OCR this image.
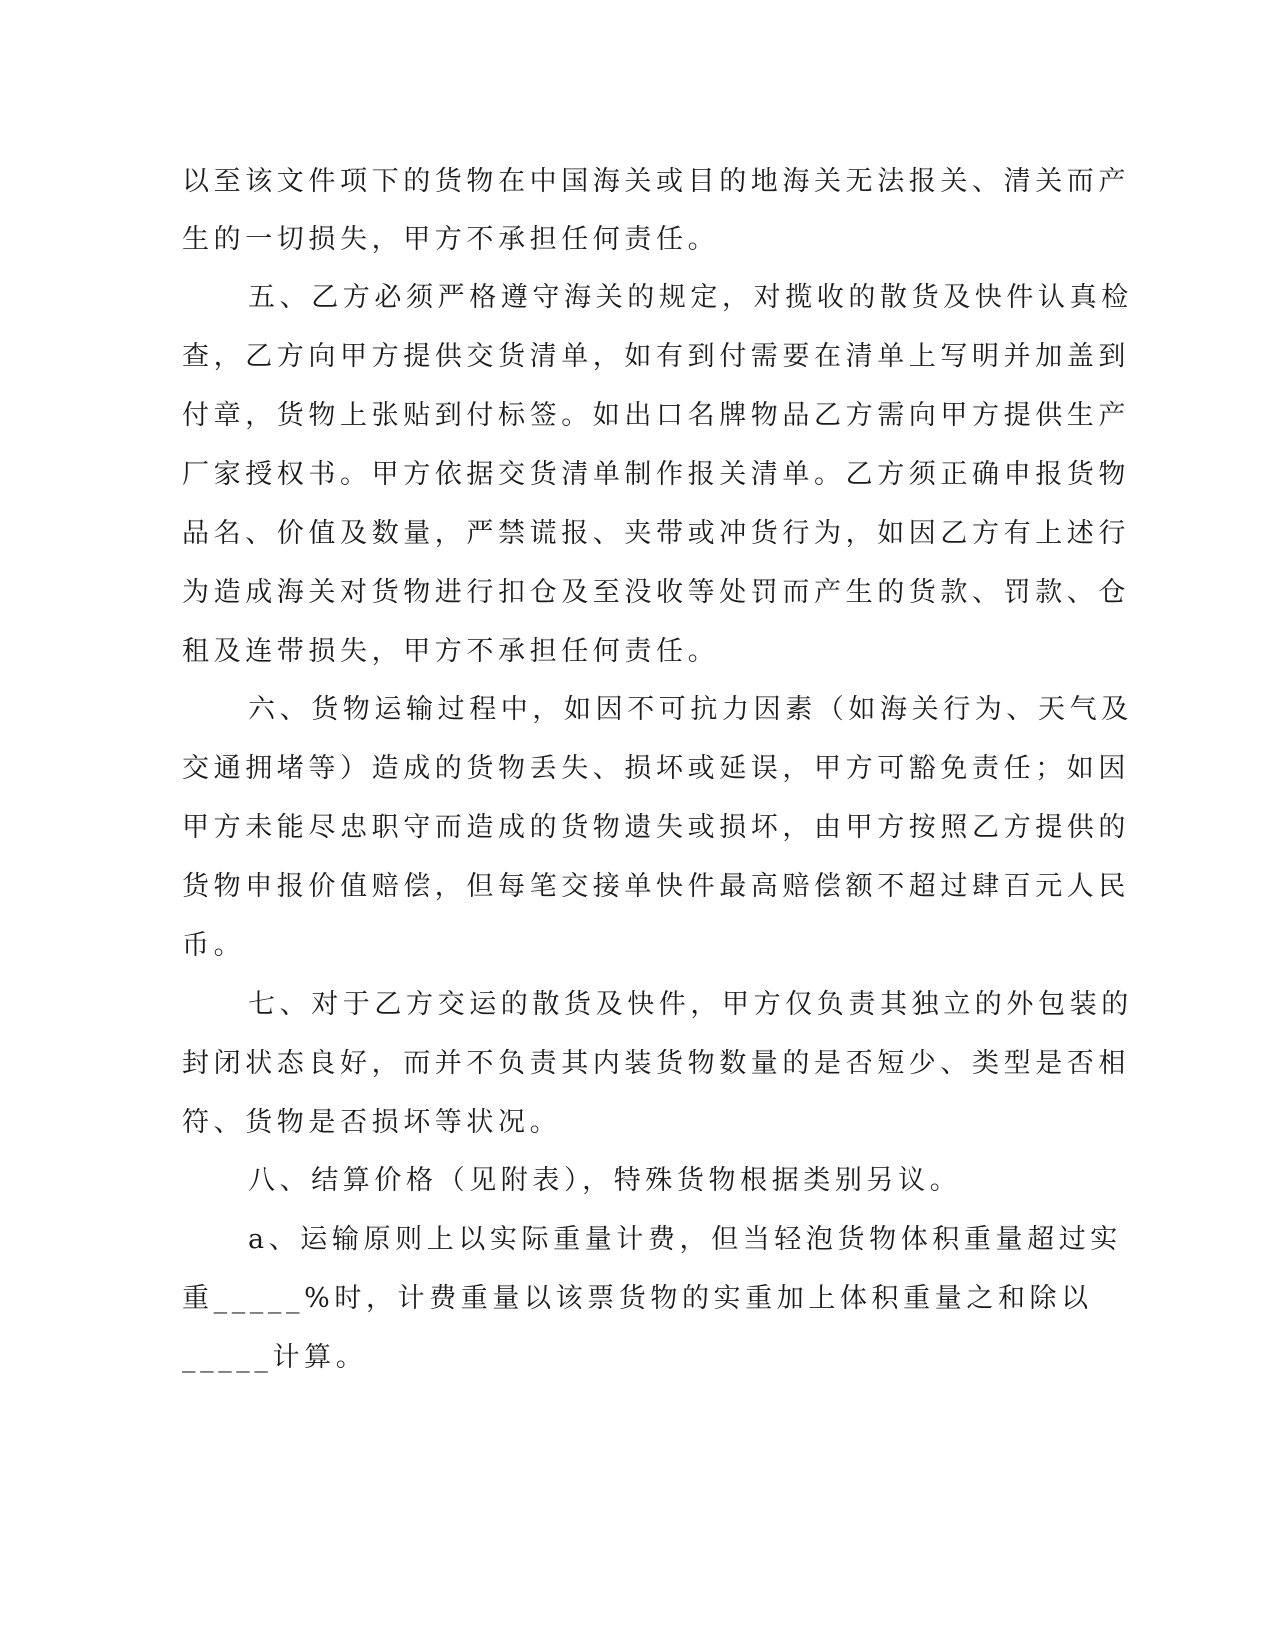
以至该文件项下的货物在中国海关或目的地海关无法报关、清关而产
生的一切损失，甲方不承担任何责任。
五、乙方必须严格遵守海关的规定，对揽收的散货及快件认真检
查，乙方向甲方提供交货清单，如有到付需要在清单上写明并加盖到
付章，货物上张贴到付标签。如出口名牌物品乙方需向甲方提供生产
厂家授权书。甲方依据交货清单制作报关清单。乙方须正确申报货物
品名、价值及数量，严禁谎报、夹带或冲货行为，如因乙方有上述行
为造成海关对货物进行扣仓及至没收等处罚而产生的货款、罚款、仓
租及连带损失，甲方不承担任何责任。
六、货物运输过程中，如因不可抗力因素（如海关行为、天气及
交通拥堵等）造成的货物丢失、损坏或延误，甲方可豁免责任；如因
甲方未能尽忠职守而造成的货物遗失或损坏，由甲方按照乙方提供的
货物申报价值赔偿，但每笔交接单快件最高赔偿额不超过肆百元人民
币。
七、对于乙方交运的散货及快件，甲方仅负责其独立的外包装的
封闭状态良好，而并不负责其内装货物数量的是否短少、类型是否相
符、货物是否损坏等状况。
八、结算价格（见附表），特殊货物根据类别另议。
a、运输原则上以实际重量计费，但当轻泡货物体积重量超过实
重_____%时，计费重量以该票货物的实重加上体积重量之和除以
_____计算。
